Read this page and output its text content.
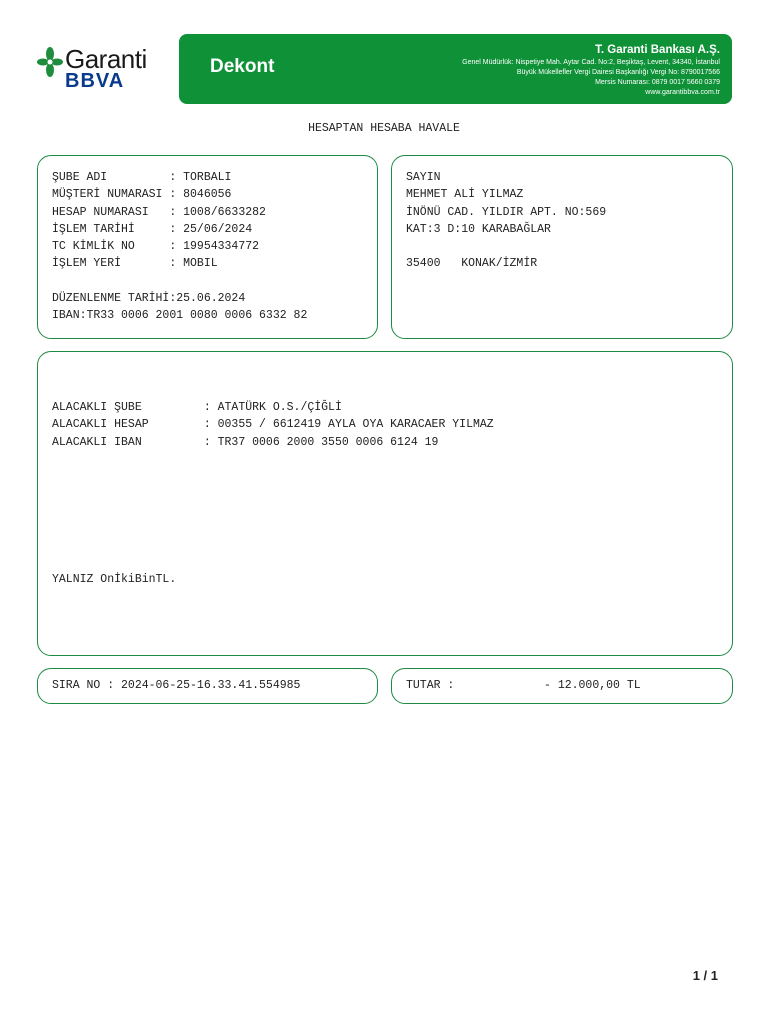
Garanti
BBVA
Dekont
T. Garanti Bankası A.Ş.
Genel Müdürlük: Nispetiye Mah. Aytar Cad. No:2, Beşiktaş, Levent, 34340, İstanbul
Büyük Mükellefler Vergi Dairesi Başkanlığı Vergi No: 8790017566
Mersis Numarası: 0879 0017 5660 0379
www.garantibbva.com.tr
HESAPTAN HESABA HAVALE
ŞUBE ADI         : TORBALI
MÜŞTERİ NUMARASI : 8046056
HESAP NUMARASI   : 1008/6633282
İŞLEM TARİHİ     : 25/06/2024
TC KİMLİK NO     : 19954334772
İŞLEM YERİ       : MOBIL

DÜZENLENME TARİHİ:25.06.2024
IBAN:TR33 0006 2001 0080 0006 6332 82
SAYIN
MEHMET ALİ YILMAZ
İNÖNÜ CAD. YILDIR APT. NO:569
KAT:3 D:10 KARABAĞLAR

35400   KONAK/İZMİR
ALACAKLI ŞUBE         : ATATÜRK O.S./ÇİĞLİ
ALACAKLI HESAP        : 00355 / 6612419 AYLA OYA KARACAER YILMAZ
ALACAKLI IBAN         : TR37 0006 2000 3550 0006 6124 19
YALNIZ OnİkiBinTL.
SIRA NO : 2024-06-25-16.33.41.554985	TUTAR :             - 12.000,00 TL
1 / 1
